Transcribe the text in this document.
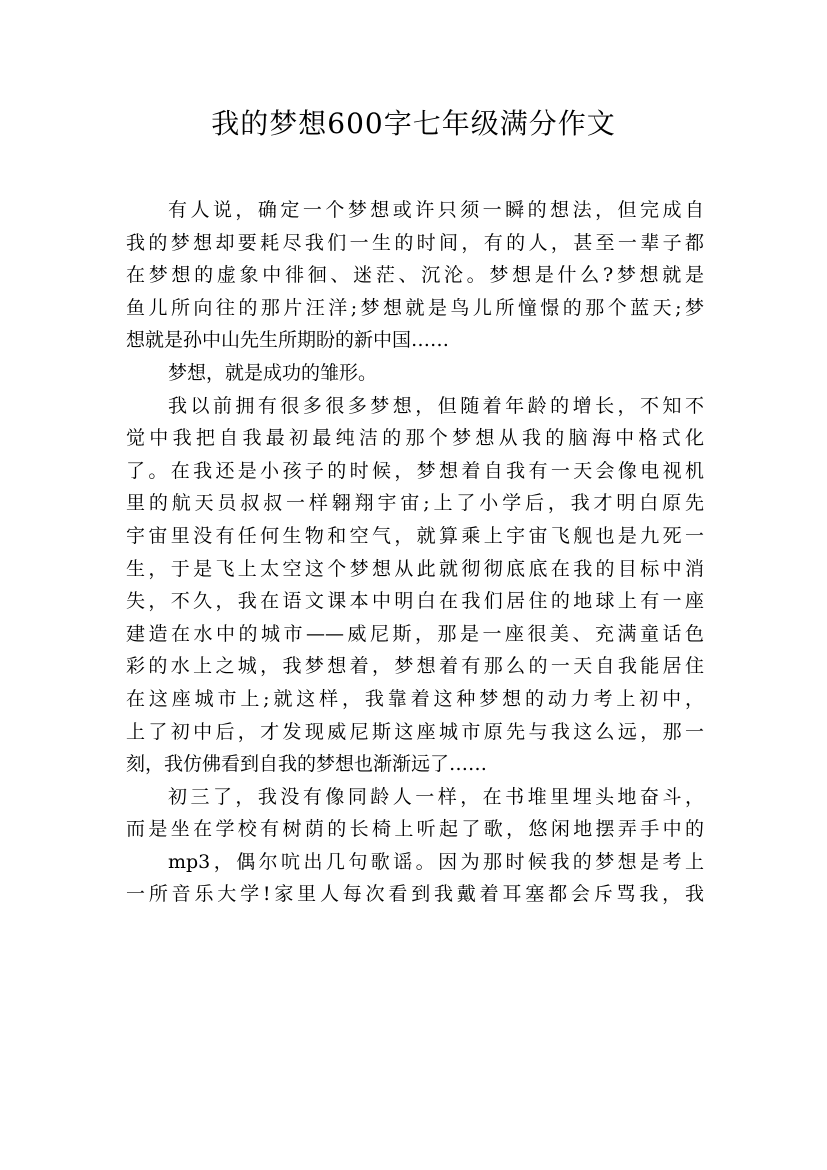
我的梦想600字七年级满分作文
有人说，确定一个梦想或许只须一瞬的想法，但完成自
我的梦想却要耗尽我们一生的时间，有的人，甚至一辈子都
在梦想的虚象中徘徊、迷茫、沉沦。梦想是什么?梦想就是
鱼儿所向往的那片汪洋;梦想就是鸟儿所憧憬的那个蓝天;梦
想就是孙中山先生所期盼的新中国……
梦想，就是成功的雏形。
我以前拥有很多很多梦想，但随着年龄的增长，不知不
觉中我把自我最初最纯洁的那个梦想从我的脑海中格式化
了。在我还是小孩子的时候，梦想着自我有一天会像电视机
里的航天员叔叔一样翱翔宇宙;上了小学后，我才明白原先
宇宙里没有任何生物和空气，就算乘上宇宙飞舰也是九死一
生，于是飞上太空这个梦想从此就彻彻底底在我的目标中消
失，不久，我在语文课本中明白在我们居住的地球上有一座
建造在水中的城市——威尼斯，那是一座很美、充满童话色
彩的水上之城，我梦想着，梦想着有那么的一天自我能居住
在这座城市上;就这样，我靠着这种梦想的动力考上初中，
上了初中后，才发现威尼斯这座城市原先与我这么远，那一
刻，我仿佛看到自我的梦想也渐渐远了……
初三了，我没有像同龄人一样，在书堆里埋头地奋斗，
而是坐在学校有树荫的长椅上听起了歌，悠闲地摆弄手中的
mp3，偶尔吭出几句歌谣。因为那时候我的梦想是考上
一所音乐大学!家里人每次看到我戴着耳塞都会斥骂我，我
